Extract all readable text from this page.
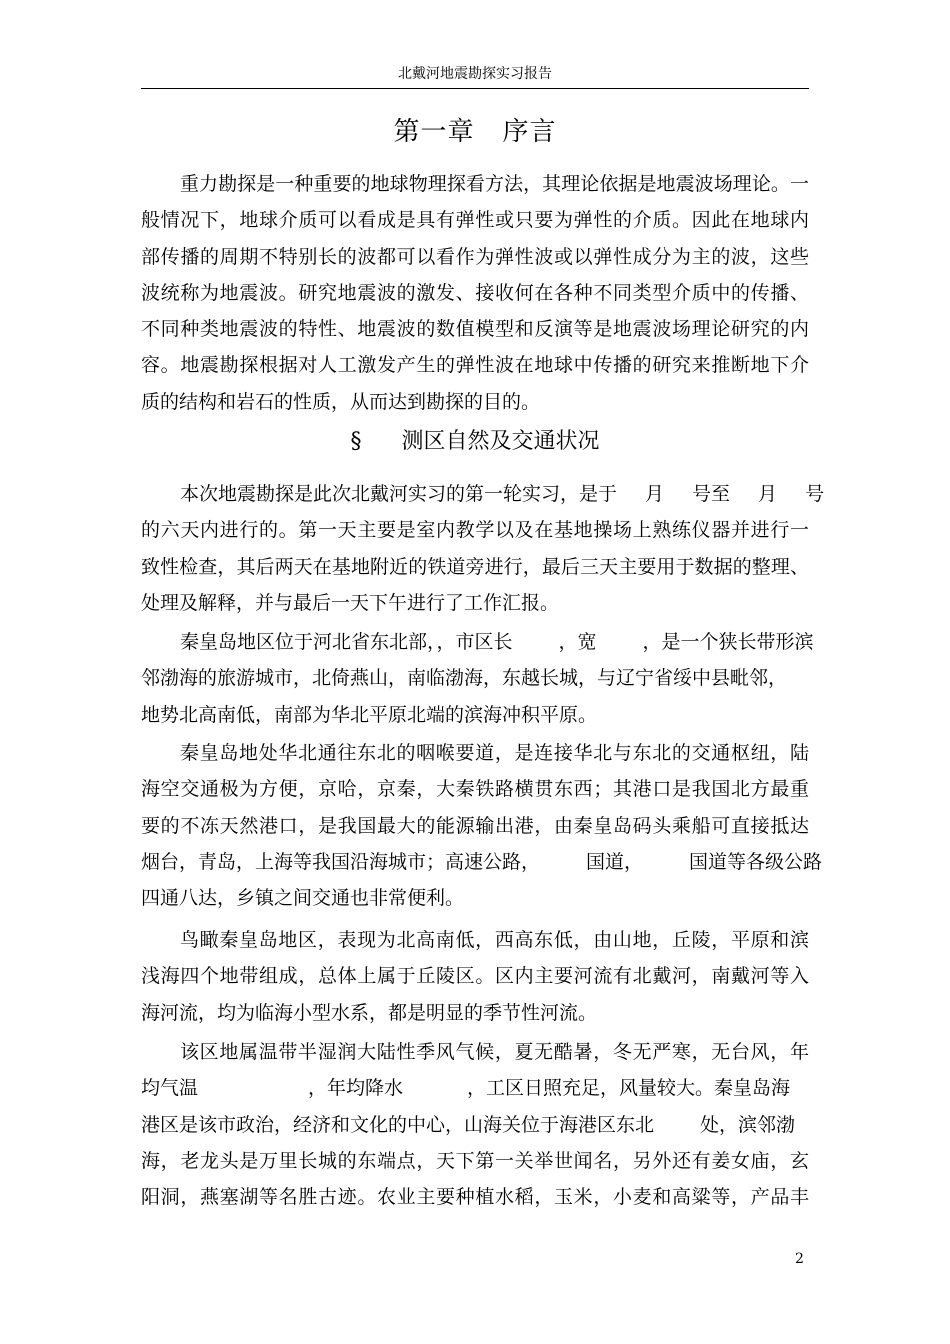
北戴河地震勘探实习报告
第一章 序言
重力勘探是一种重要的地球物理探看方法，其理论依据是地震波场理论。一
般情况下，地球介质可以看成是具有弹性或只要为弹性的介质。因此在地球内
部传播的周期不特别长的波都可以看作为弹性波或以弹性成分为主的波，这些
波统称为地震波。研究地震波的激发、接收何在各种不同类型介质中的传播、
不同种类地震波的特性、地震波的数值模型和反演等是地震波场理论研究的内
容。地震勘探根据对人工激发产生的弹性波在地球中传播的研究来推断地下介
质的结构和岩石的性质，从而达到勘探的目的。
§ 测区自然及交通状况
本次地震勘探是此次北戴河实习的第一轮实习，是于 月 号至 月 号
的六天内进行的。第一天主要是室内教学以及在基地操场上熟练仪器并进行一
致性检查，其后两天在基地附近的铁道旁进行，最后三天主要用于数据的整理、
处理及解释，并与最后一天下午进行了工作汇报。
秦皇岛地区位于河北省东北部，，市区长 ，宽 ，是一个狭长带形滨
邻渤海的旅游城市，北倚燕山，南临渤海，东越长城，与辽宁省绥中县毗邻，
地势北高南低，南部为华北平原北端的滨海冲积平原。
秦皇岛地处华北通往东北的咽喉要道，是连接华北与东北的交通枢纽，陆
海空交通极为方便，京哈，京秦，大秦铁路横贯东西；其港口是我国北方最重
要的不冻天然港口，是我国最大的能源输出港，由秦皇岛码头乘船可直接抵达
烟台，青岛，上海等我国沿海城市；高速公路， 国道， 国道等各级公路
四通八达，乡镇之间交通也非常便利。
鸟瞰秦皇岛地区，表现为北高南低，西高东低，由山地，丘陵，平原和滨
浅海四个地带组成，总体上属于丘陵区。区内主要河流有北戴河，南戴河等入
海河流，均为临海小型水系，都是明显的季节性河流。
该区地属温带半湿润大陆性季风气候，夏无酷暑，冬无严寒，无台风，年
均气温	，年均降水	，工区日照充足，风量较大。秦皇岛海
港区是该市政治，经济和文化的中心，山海关位于海港区东北 处，滨邻渤
海，老龙头是万里长城的东端点，天下第一关举世闻名，另外还有姜女庙，玄
阳洞，燕塞湖等名胜古迹。农业主要种植水稻，玉米，小麦和高粱等，产品丰
2
